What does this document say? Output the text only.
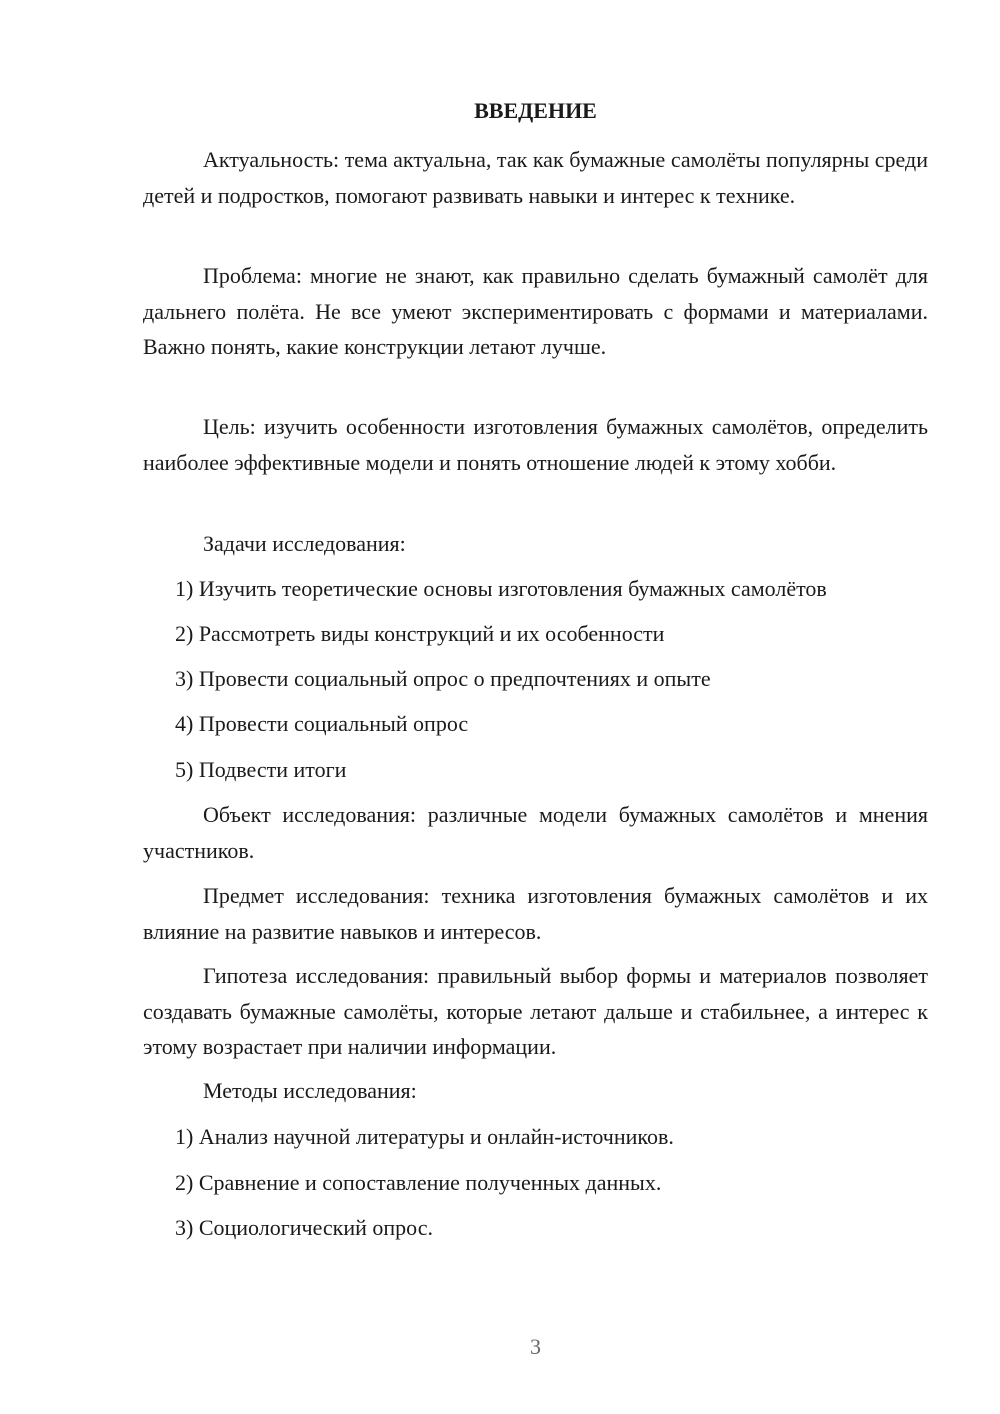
ВВЕДЕНИЕ

Актуальность: тема актуальна, так как бумажные самолёты популярны среди детей и подростков, помогают развивать навыки и интерес к технике.

Проблема: многие не знают, как правильно сделать бумажный самолёт для дальнего полёта. Не все умеют экспериментировать с формами и материалами. Важно понять, какие конструкции летают лучше.

Цель: изучить особенности изготовления бумажных самолётов, определить наиболее эффективные модели и понять отношение людей к этому хобби.

Задачи исследования:

1) Изучить теоретические основы изготовления бумажных самолётов

2) Рассмотреть виды конструкций и их особенности

3) Провести социальный опрос о предпочтениях и опыте

4) Провести социальный опрос

5) Подвести итоги

Объект исследования: различные модели бумажных самолётов и мнения участников.

Предмет исследования: техника изготовления бумажных самолётов и их влияние на развитие навыков и интересов.

Гипотеза исследования: правильный выбор формы и материалов позволяет создавать бумажные самолёты, которые летают дальше и стабильнее, а интерес к этому возрастает при наличии информации.

Методы исследования:

1) Анализ научной литературы и онлайн-источников.

2) Сравнение и сопоставление полученных данных.

3) Социологический опрос.

3
